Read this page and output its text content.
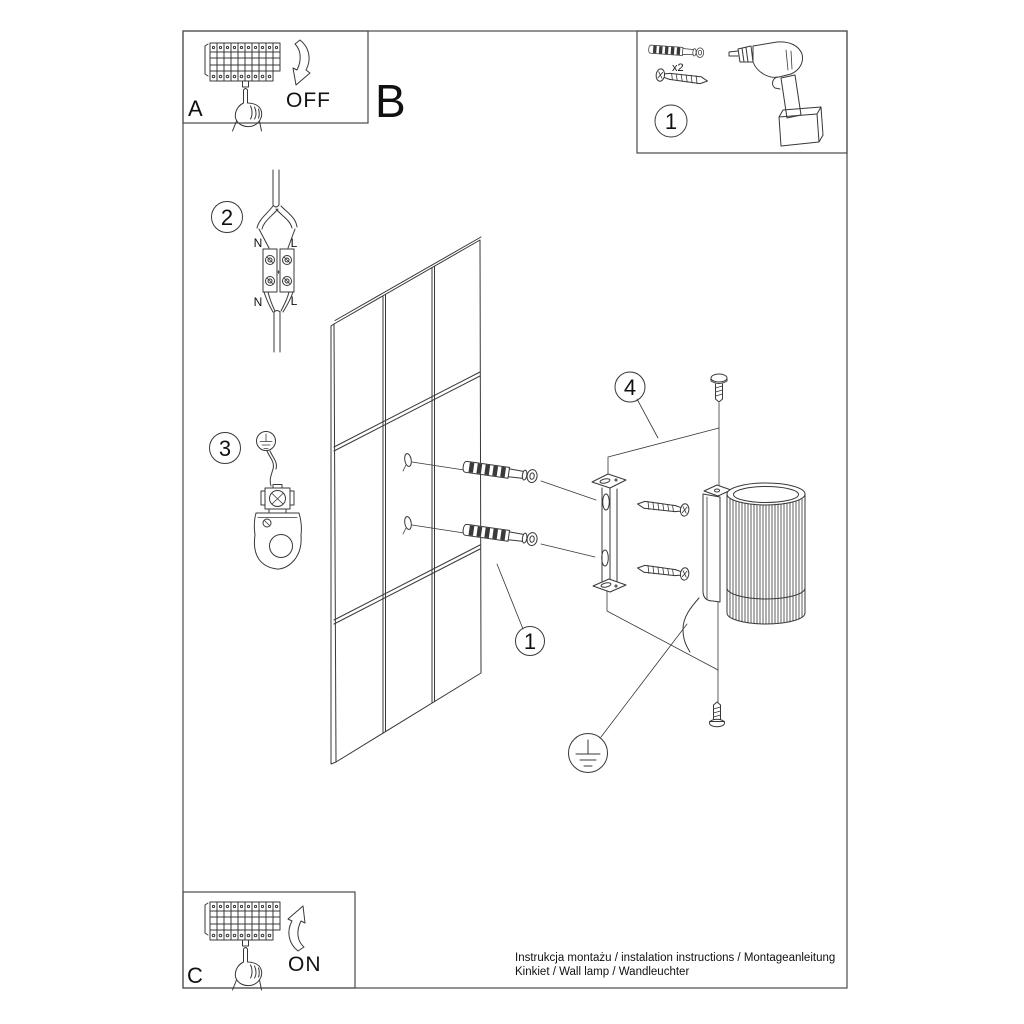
A	OFF B
x2
1
2
N L
N L
3
1
4
C	ON	Instrukcja montażu / instalation instructions / Montageanleitung
Kinkiet / Wall lamp / Wandleuchter
